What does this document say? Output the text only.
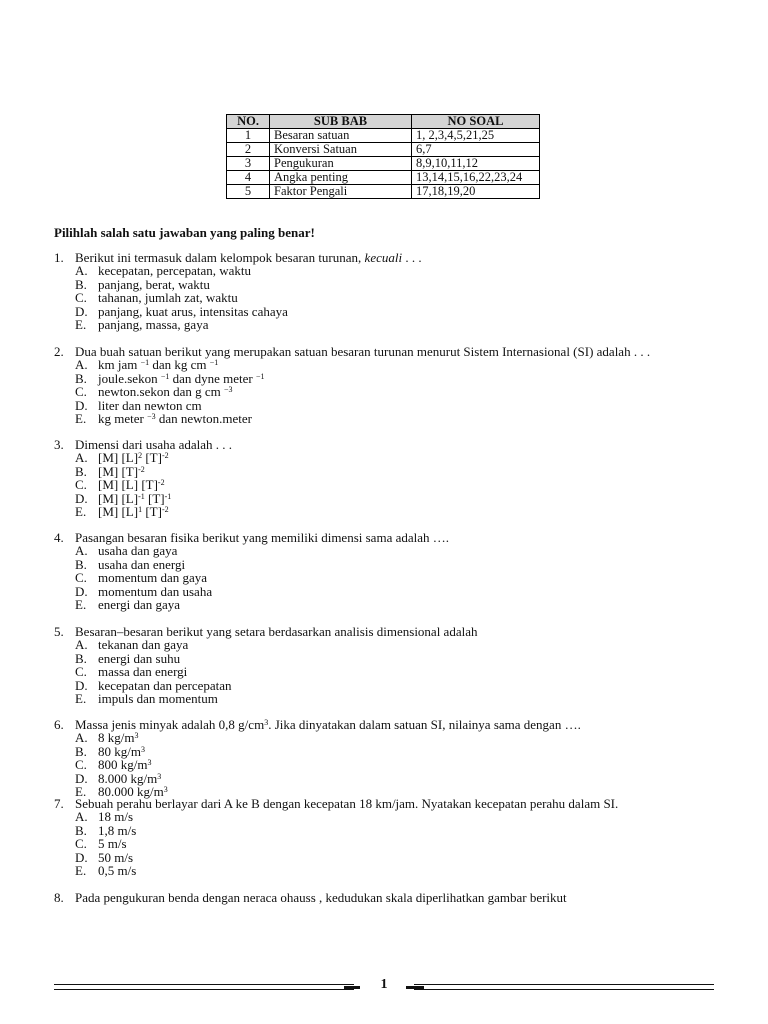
NO.	SUB BAB	NO SOAL
1	Besaran satuan	1, 2,3,4,5,21,25
2	Konversi Satuan	6,7
3	Pengukuran	8,9,10,11,12
4	Angka penting	13,14,15,16,22,23,24
5	Faktor Pengali	17,18,19,20
Pilihlah salah satu jawaban yang paling benar!
1. Berikut ini termasuk dalam kelompok besaran turunan, kecuali . . .
A. kecepatan, percepatan, waktu
B. panjang, berat, waktu
C. tahanan, jumlah zat, waktu
D. panjang, kuat arus, intensitas cahaya
E. panjang, massa, gaya
2. Dua buah satuan berikut yang merupakan satuan besaran turunan menurut Sistem Internasional (SI) adalah . . .
A. km jam $^{-1}$ dan kg cm $^{-1}$
B. joule.sekon $^{-1}$ dan dyne meter $^{-1}$
C. newton.sekon dan g cm $^{-3}$
D. liter dan newton cm
E. kg meter $^{-3}$ dan newton.meter
3. Dimensi dari usaha adalah . . .
A. [M] $[L]^2$ $[T]^{-2}$
B. [M] $[T]^{-2}$
C. [M] [L] $[T]^{-2}$
D. [M] $[L]^{-1}$ $[T]^{-1}$
E. [M] $[L]^1$ $[T]^{-2}$
4. Pasangan besaran fisika berikut yang memiliki dimensi sama adalah ….
A. usaha dan gaya
B. usaha dan energi
C. momentum dan gaya
D. momentum dan usaha
E. energi dan gaya
5. Besaran–besaran berikut yang setara berdasarkan analisis dimensional adalah
A. tekanan dan gaya
B. energi dan suhu
C. massa dan energi
D. kecepatan dan percepatan
E. impuls dan momentum
6. Massa jenis minyak adalah 0,8 $g/cm^3$. Jika dinyatakan dalam satuan SI, nilainya sama dengan ….
A. 8 $kg/m^3$
B. 80 $kg/m^3$
C. 800 $kg/m^3$
D. 8.000 $kg/m^3$
E. 80.000 $kg/m^3$
7. Sebuah perahu berlayar dari A ke B dengan kecepatan 18 km/jam. Nyatakan kecepatan perahu dalam SI.
A. 18 m/s
B. 1,8 m/s
C. 5 m/s
D. 50 m/s
E. 0,5 m/s
8. Pada pengukuran benda dengan neraca ohauss , kedudukan skala diperlihatkan gambar berikut
1
